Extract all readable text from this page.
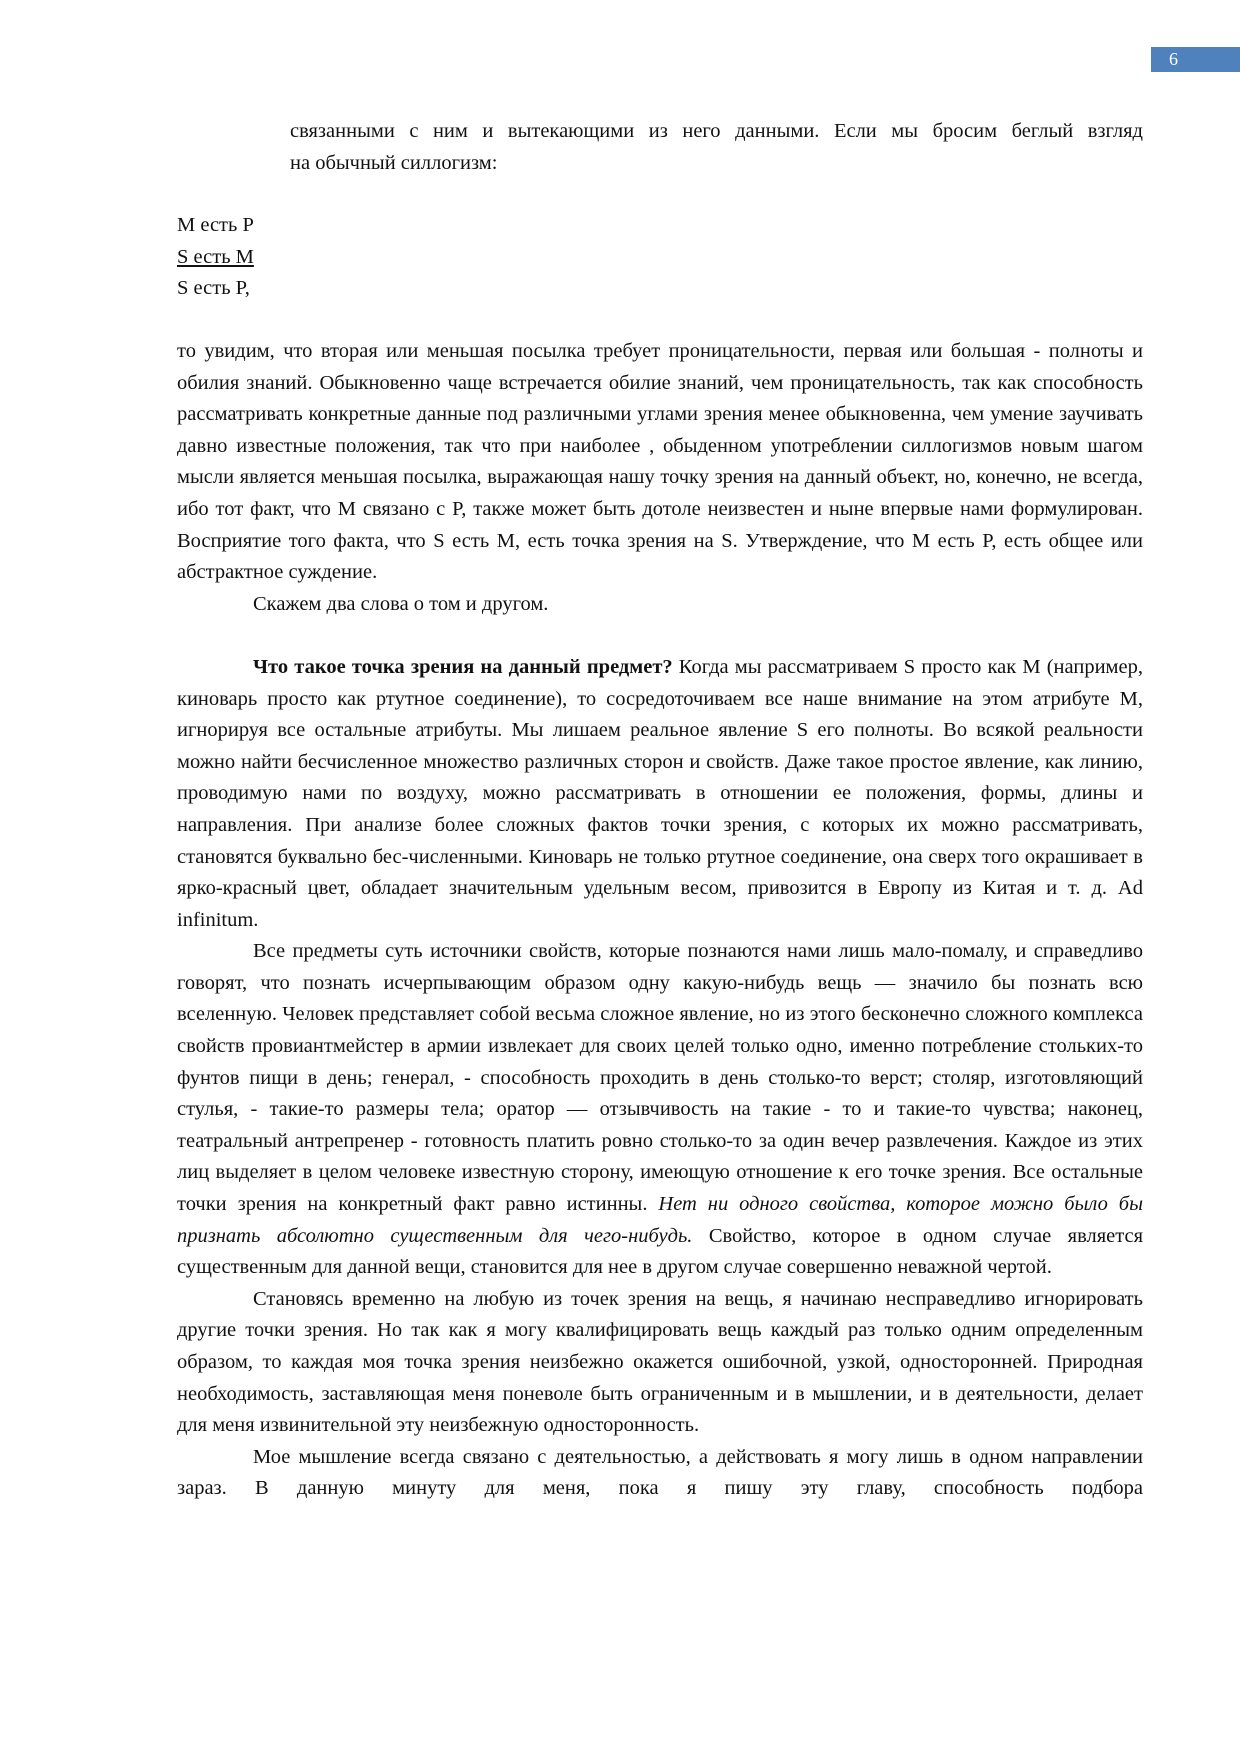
6

связанными с ним и вытекающими из него данными. Если мы бросим беглый взгляд

на обычный силлогизм:

M есть P
S есть M
S есть P,

то увидим, что вторая или меньшая посылка требует проницательности, первая или большая - полноты и обилия знаний. Обыкновенно чаще встречается обилие знаний, чем проницательность, так как способность рассматривать конкретные данные под различными углами зрения менее обыкновенна, чем умение заучивать давно известные положения, так что при наиболее , обыденном употреблении силлогизмов новым шагом мысли является меньшая посылка, выражающая нашу точку зрения на данный объект, но, конечно, не всегда, ибо тот факт, что M связано с P, также может быть дотоле неизвестен и ныне впервые нами формулирован. Восприятие того факта, что S есть M, есть точка зрения на S. Утверждение, что M есть P, есть общее или абстрактное суждение.

Скажем два слова о том и другом.

Что такое точка зрения на данный предмет? Когда мы рассматриваем S просто как M (например, киноварь просто как ртутное соединение), то сосредоточиваем все наше внимание на этом атрибуте M, игнорируя все остальные атрибуты. Мы лишаем реальное явление S его полноты. Во всякой реальности можно найти бесчисленное множество различных сторон и свойств. Даже такое простое явление, как линию, проводимую нами по воздуху, можно рассматривать в отношении ее положения, формы, длины и направления. При анализе более сложных фактов точки зрения, с которых их можно рассматривать, становятся буквально бес-численными. Киноварь не только ртутное соединение, она сверх того окрашивает в ярко-красный цвет, обладает значительным удельным весом, привозится в Европу из Китая и т. д. Ad infinitum.

Все предметы суть источники свойств, которые познаются нами лишь мало-помалу, и справедливо говорят, что познать исчерпывающим образом одну какую-нибудь вещь — значило бы познать всю вселенную. Человек представляет собой весьма сложное явление, но из этого бесконечно сложного комплекса свойств провиантмейстер в армии извлекает для своих целей только одно, именно потребление стольких-то фунтов пищи в день; генерал, - способность проходить в день столько-то верст; столяр, изготовляющий стулья, - такие-то размеры тела; оратор — отзывчивость на такие - то и такие-то чувства; наконец, театральный антрепренер - готовность платить ровно столько-то за один вечер развлечения. Каждое из этих лиц выделяет в целом человеке известную сторону, имеющую отношение к его точке зрения. Все остальные точки зрения на конкретный факт равно истинны. Нет ни одного свойства, которое можно было бы признать абсолютно существенным для чего-нибудь. Свойство, которое в одном случае является существенным для данной вещи, становится для нее в другом случае совершенно неважной чертой.

Становясь временно на любую из точек зрения на вещь, я начинаю несправедливо игнорировать другие точки зрения. Но так как я могу квалифицировать вещь каждый раз только одним определенным образом, то каждая моя точка зрения неизбежно окажется ошибочной, узкой, односторонней. Природная необходимость, заставляющая меня поневоле быть ограниченным и в мышлении, и в деятельности, делает для меня извинительной эту неизбежную односторонность.

Мое мышление всегда связано с деятельностью, а действовать я могу лишь в одном направлении зараз. В данную минуту для меня, пока я пишу эту главу, способность подбора
